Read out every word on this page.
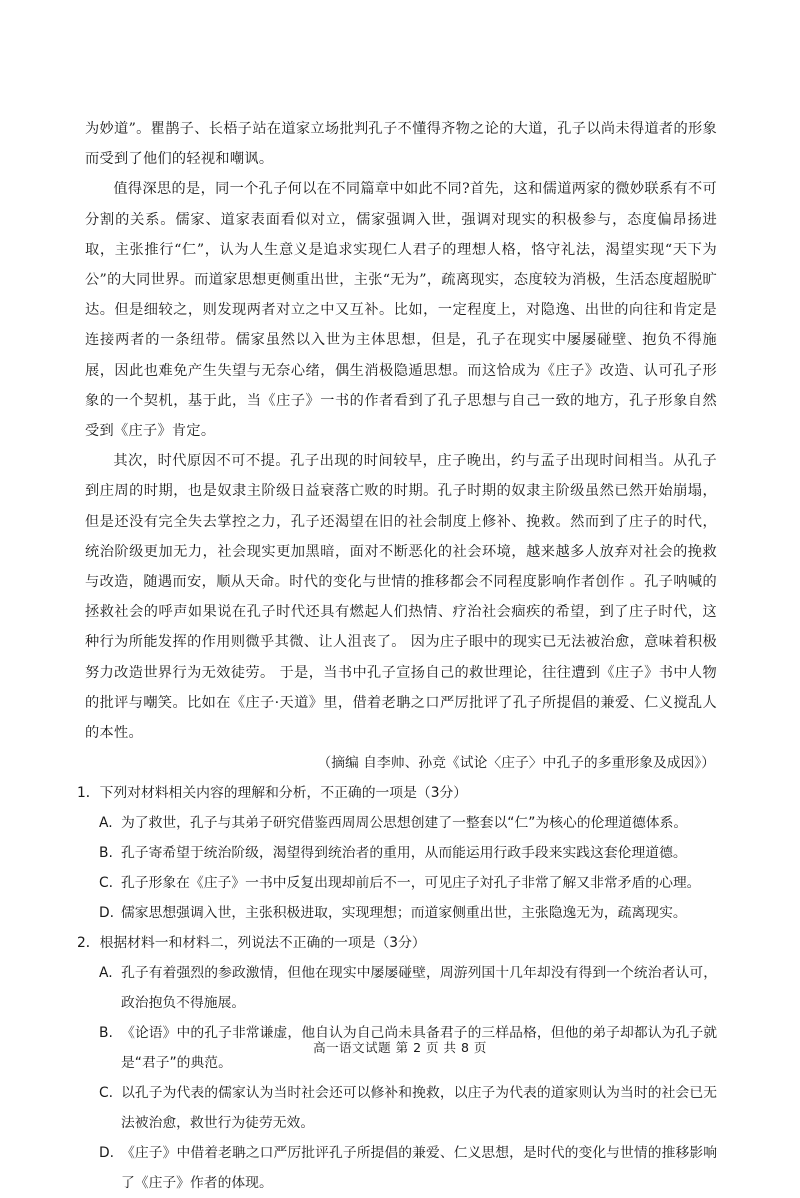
为妙道”。瞿鹊子、长梧子站在道家立场批判孔子不懂得齐物之论的大道，孔子以尚未得道者的形象而受到了他们的轻视和嘲讽。

值得深思的是，同一个孔子何以在不同篇章中如此不同?首先，这和儒道两家的微妙联系有不可分割的关系。儒家、道家表面看似对立，儒家强调入世，强调对现实的积极参与，态度偏昂扬进取，主张推行“仁”，认为人生意义是追求实现仁人君子的理想人格，恪守礼法，渴望实现“天下为公”的大同世界。而道家思想更侧重出世，主张“无为”，疏离现实，态度较为消极，生活态度超脱旷达。但是细较之，则发现两者对立之中又互补。比如，一定程度上，对隐逸、出世的向往和肯定是连接两者的一条纽带。儒家虽然以入世为主体思想，但是，孔子在现实中屡屡碰壁、抱负不得施展，因此也难免产生失望与无奈心绪，偶生消极隐遁思想。而这恰成为《庄子》改造、认可孔子形象的一个契机，基于此，当《庄子》一书的作者看到了孔子思想与自己一致的地方，孔子形象自然受到《庄子》肯定。

其次，时代原因不可不提。孔子出现的时间较早，庄子晚出，约与孟子出现时间相当。从孔子到庄周的时期，也是奴隶主阶级日益衰落亡败的时期。孔子时期的奴隶主阶级虽然已然开始崩塌，但是还没有完全失去掌控之力，孔子还渴望在旧的社会制度上修补、挽救。然而到了庄子的时代，统治阶级更加无力，社会现实更加黑暗，面对不断恶化的社会环境，越来越多人放弃对社会的挽救与改造，随遇而安，顺从天命。时代的变化与世情的推移都会不同程度影响作者创作 。孔子呐喊的拯救社会的呼声如果说在孔子时代还具有燃起人们热情、疗治社会痼疾的希望，到了庄子时代，这种行为所能发挥的作用则微乎其微、让人沮丧了。 因为庄子眼中的现实已无法被治愈，意味着积极努力改造世界行为无效徒劳。 于是，当书中孔子宣扬自己的救世理论，往往遭到《庄子》书中人物的批评与嘲笑。比如在《庄子·天道》里，借着老聃之口严厉批评了孔子所提倡的兼爱、仁义搅乱人的本性。

（摘编 自李帅、孙竞《试论〈庄子〉中孔子的多重形象及成因》）

1．下列对材料相关内容的理解和分析，不正确的一项是（3分）

A. 为了救世，孔子与其弟子研究借鉴西周周公思想创建了一整套以“仁”为核心的伦理道德体系。

B. 孔子寄希望于统治阶级，渴望得到统治者的重用，从而能运用行政手段来实践这套伦理道德。

C. 孔子形象在《庄子》一书中反复出现却前后不一，可见庄子対孔子非常了解又非常矛盾的心理。

D. 儒家思想强调入世，主张积极进取，实现理想；而道家侧重出世，主张隐逸无为，疏离现实。

2．根据材料一和材料二，列说法不正确的一项是（3分）

A. 孔子有着强烈的参政激情，但他在现实中屡屡碰壁，周游列国十几年却没有得到一个统治者认可，政治抱负不得施展。

B. 《论语》中的孔子非常谦虚，他自认为自己尚未具备君子的三样品格，但他的弟子却都认为孔子就是“君子”的典范。

C. 以孔子为代表的儒家认为当时社会还可以修补和挽救，以庄子为代表的道家则认为当时的社会已无法被治愈，救世行为徒劳无效。

D. 《庄子》中借着老聃之口严厉批评孔子所提倡的兼爱、仁义思想，是时代的变化与世情的推移影响了《庄子》作者的体现。

高一语文试题 第 2 页 共 8 页
